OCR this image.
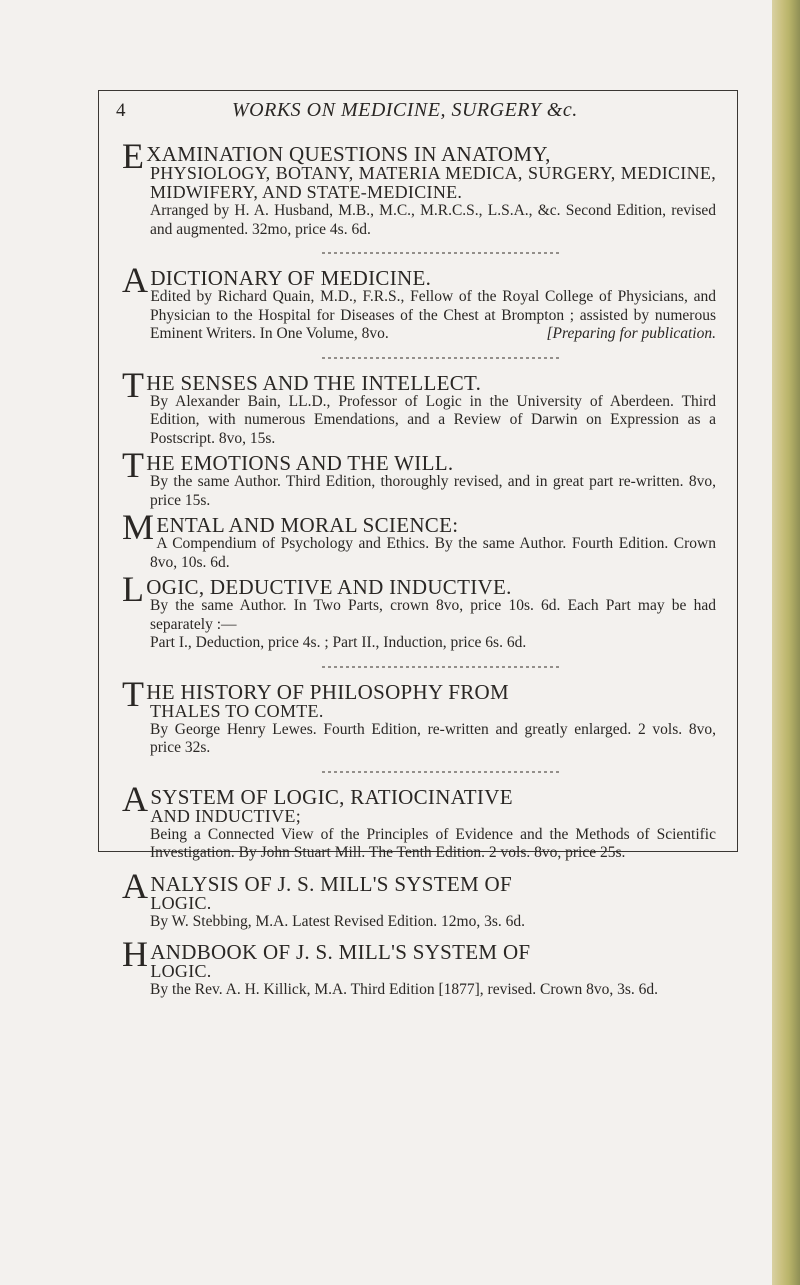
4	WORKS ON MEDICINE, SURGERY &c.
EXAMINATION QUESTIONS IN ANATOMY,
PHYSIOLOGY, BOTANY, MATERIA MEDICA, SURGERY, MEDICINE, MIDWIFERY, AND STATE-MEDICINE.

Arranged by H. A. Husband, M.B., M.C., M.R.C.S., L.S.A., &c. Second Edition, revised and augmented. 32mo, price 4s. 6d.

A DICTIONARY OF MEDICINE.

Edited by Richard Quain, M.D., F.R.S., Fellow of the Royal College of Physicians, and Physician to the Hospital for Diseases of the Chest at Brompton ; assisted by numerous Eminent Writers. In One Volume, 8vo.	[Preparing for publication.

THE SENSES AND THE INTELLECT.

By Alexander Bain, LL.D., Professor of Logic in the University of Aberdeen. Third Edition, with numerous Emendations, and a Review of Darwin on Expression as a Postscript. 8vo, 15s.

THE EMOTIONS AND THE WILL.

By the same Author. Third Edition, thoroughly revised, and in great part re-written. 8vo, price 15s.

MENTAL AND MORAL SCIENCE:

A Compendium of Psychology and Ethics. By the same Author. Fourth Edition. Crown 8vo, 10s. 6d.

LOGIC, DEDUCTIVE AND INDUCTIVE.

By the same Author. In Two Parts, crown 8vo, price 10s. 6d. Each Part may be had separately :—

Part I., Deduction, price 4s. ; Part II., Induction, price 6s. 6d.

THE HISTORY OF PHILOSOPHY FROM
THALES TO COMTE.

By George Henry Lewes. Fourth Edition, re-written and greatly enlarged. 2 vols. 8vo, price 32s.

A SYSTEM OF LOGIC, RATIOCINATIVE
AND INDUCTIVE;

Being a Connected View of the Principles of Evidence and the Methods of Scientific Investigation. By John Stuart Mill. The Tenth Edition. 2 vols. 8vo, price 25s.

ANALYSIS OF J. S. MILL'S SYSTEM OF
LOGIC.

By W. Stebbing, M.A. Latest Revised Edition. 12mo, 3s. 6d.

HANDBOOK OF J. S. MILL'S SYSTEM OF
LOGIC.

By the Rev. A. H. Killick, M.A. Third Edition [1877], revised. Crown 8vo, 3s. 6d.
